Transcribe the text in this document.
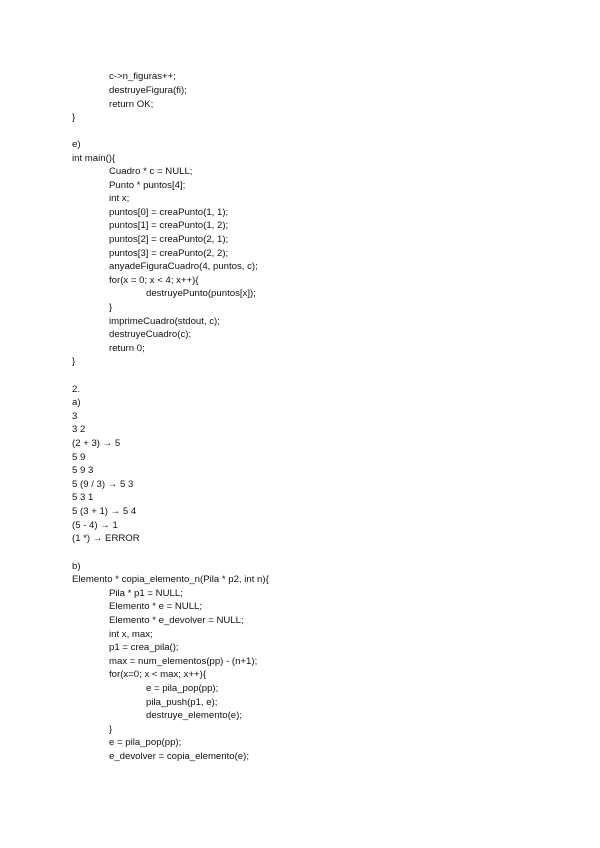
c->n_figuras++;
destruyeFigura(fi);
return OK;
}
e)
int main(){
Cuadro * c = NULL;
Punto * puntos[4];
int x;
puntos[0] = creaPunto(1, 1);
puntos[1] = creaPunto(1, 2);
puntos[2] = creaPunto(2, 1);
puntos[3] = creaPunto(2, 2);
anyadeFiguraCuadro(4, puntos, c);
for(x = 0; x < 4; x++){
destruyePunto(puntos[x]);
}
imprimeCuadro(stdout, c);
destruyeCuadro(c);
return 0;
}
2.
a)
3
3 2
(2 + 3) → 5
5 9
5 9 3
5 (9 / 3) → 5 3
5 3 1
5 (3 + 1) → 5 4
(5 - 4) → 1
(1 *) → ERROR
b)
Elemento * copia_elemento_n(Pila * p2, int n){
Pila * p1 = NULL;
Elemento * e = NULL;
Elemento * e_devolver = NULL;
int x, max;
p1 = crea_pila();
max = num_elementos(pp) - (n+1);
for(x=0; x < max; x++){
e = pila_pop(pp);
pila_push(p1, e);
destruye_elemento(e);
}
e = pila_pop(pp);
e_devolver = copia_elemento(e);
